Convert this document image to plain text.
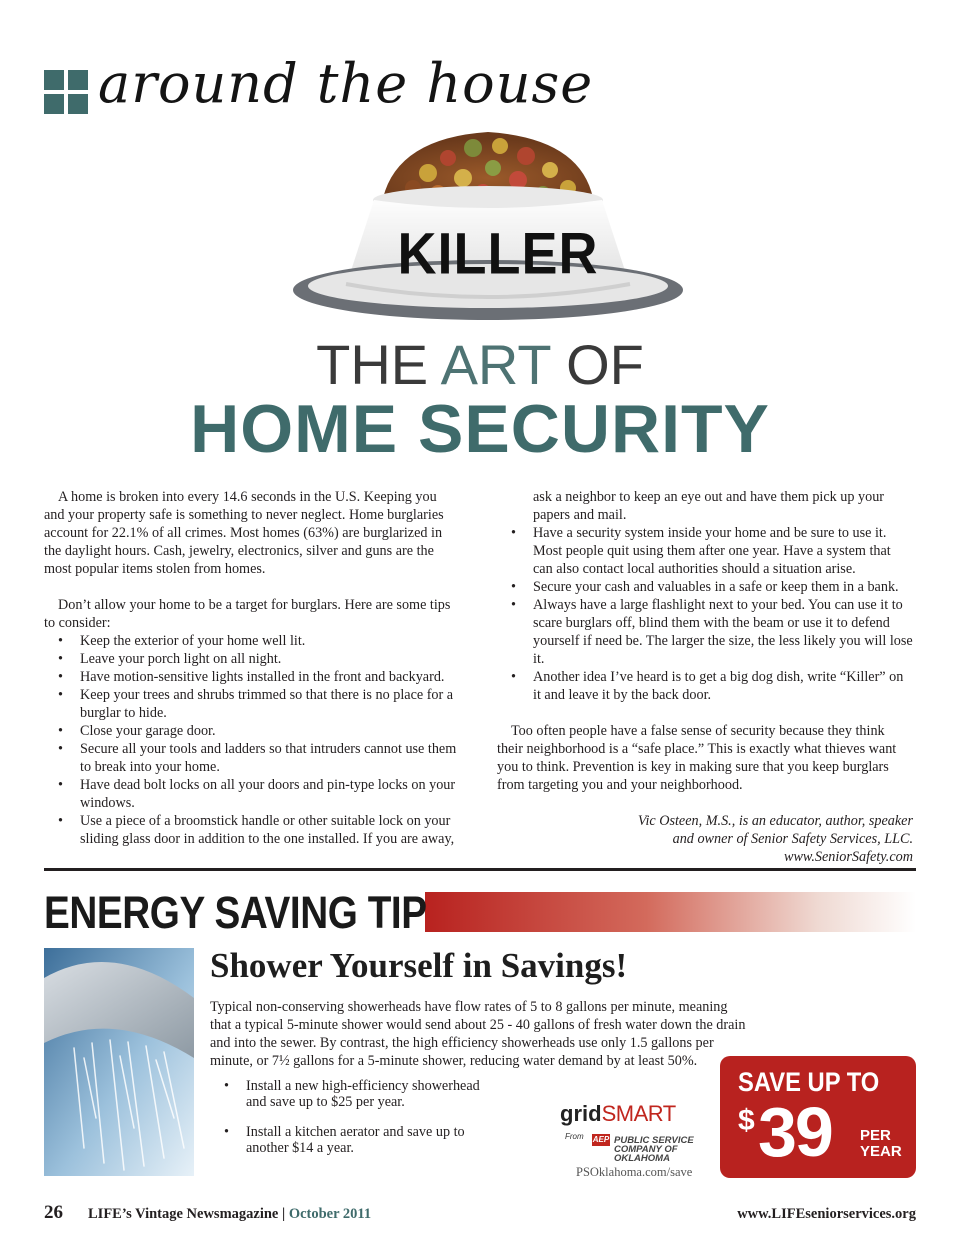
around the house
KILLER
THE ART OF
HOME SECURITY

A home is broken into every 14.6 seconds in the U.S. Keeping you and your property safe is something to never neglect. Home burglaries account for 22.1% of all crimes. Most homes (63%) are burglarized in the daylight hours. Cash, jewelry, electronics, silver and guns are the most popular items stolen from homes.

Don’t allow your home to be a target for burglars. Here are some tips to consider:

• Keep the exterior of your home well lit.
• Leave your porch light on all night.
• Have motion-sensitive lights installed in the front and backyard.
• Keep your trees and shrubs trimmed so that there is no place for a burglar to hide.
• Close your garage door.
• Secure all your tools and ladders so that intruders cannot use them to break into your home.
• Have dead bolt locks on all your doors and pin-type locks on your windows.
• Use a piece of a broomstick handle or other suitable lock on your sliding glass door in addition to the one installed. If you are away,
ask a neighbor to keep an eye out and have them pick up your papers and mail.
• Have a security system inside your home and be sure to use it. Most people quit using them after one year. Have a system that can also contact local authorities should a situation arise.
• Secure your cash and valuables in a safe or keep them in a bank.
• Always have a large flashlight next to your bed. You can use it to scare burglars off, blind them with the beam or use it to defend yourself if need be. The larger the size, the less likely you will lose it.
• Another idea I’ve heard is to get a big dog dish, write “Killer” on it and leave it by the back door.

Too often people have a false sense of security because they think their neighborhood is a “safe place.” This is exactly what thieves want you to think. Prevention is key in making sure that you keep burglars from targeting you and your neighborhood.

Vic Osteen, M.S., is an educator, author, speaker
and owner of Senior Safety Services, LLC.
www.SeniorSafety.com
ENERGY SAVING TIP
Shower Yourself in Savings!
Typical non-conserving showerheads have flow rates of 5 to 8 gallons per minute, meaning that a typical 5-minute shower would send about 25 - 40 gallons of fresh water down the drain and into the sewer. By contrast, the high efficiency showerheads use only 1.5 gallons per minute, or 7½ gallons for a 5-minute shower, reducing water demand by at least 50%.
• Install a new high-efficiency showerhead and save up to $25 per year.
• Install a kitchen aerator and save up to another $14 a year.
gridSMART
From AEP PUBLIC SERVICE COMPANY OF OKLAHOMA
PSOklahoma.com/save
SAVE UP TO
$ 39 PER
YEAR
26 LIFE’s Vintage Newsmagazine | October 2011	www.LIFEseniorservices.org
